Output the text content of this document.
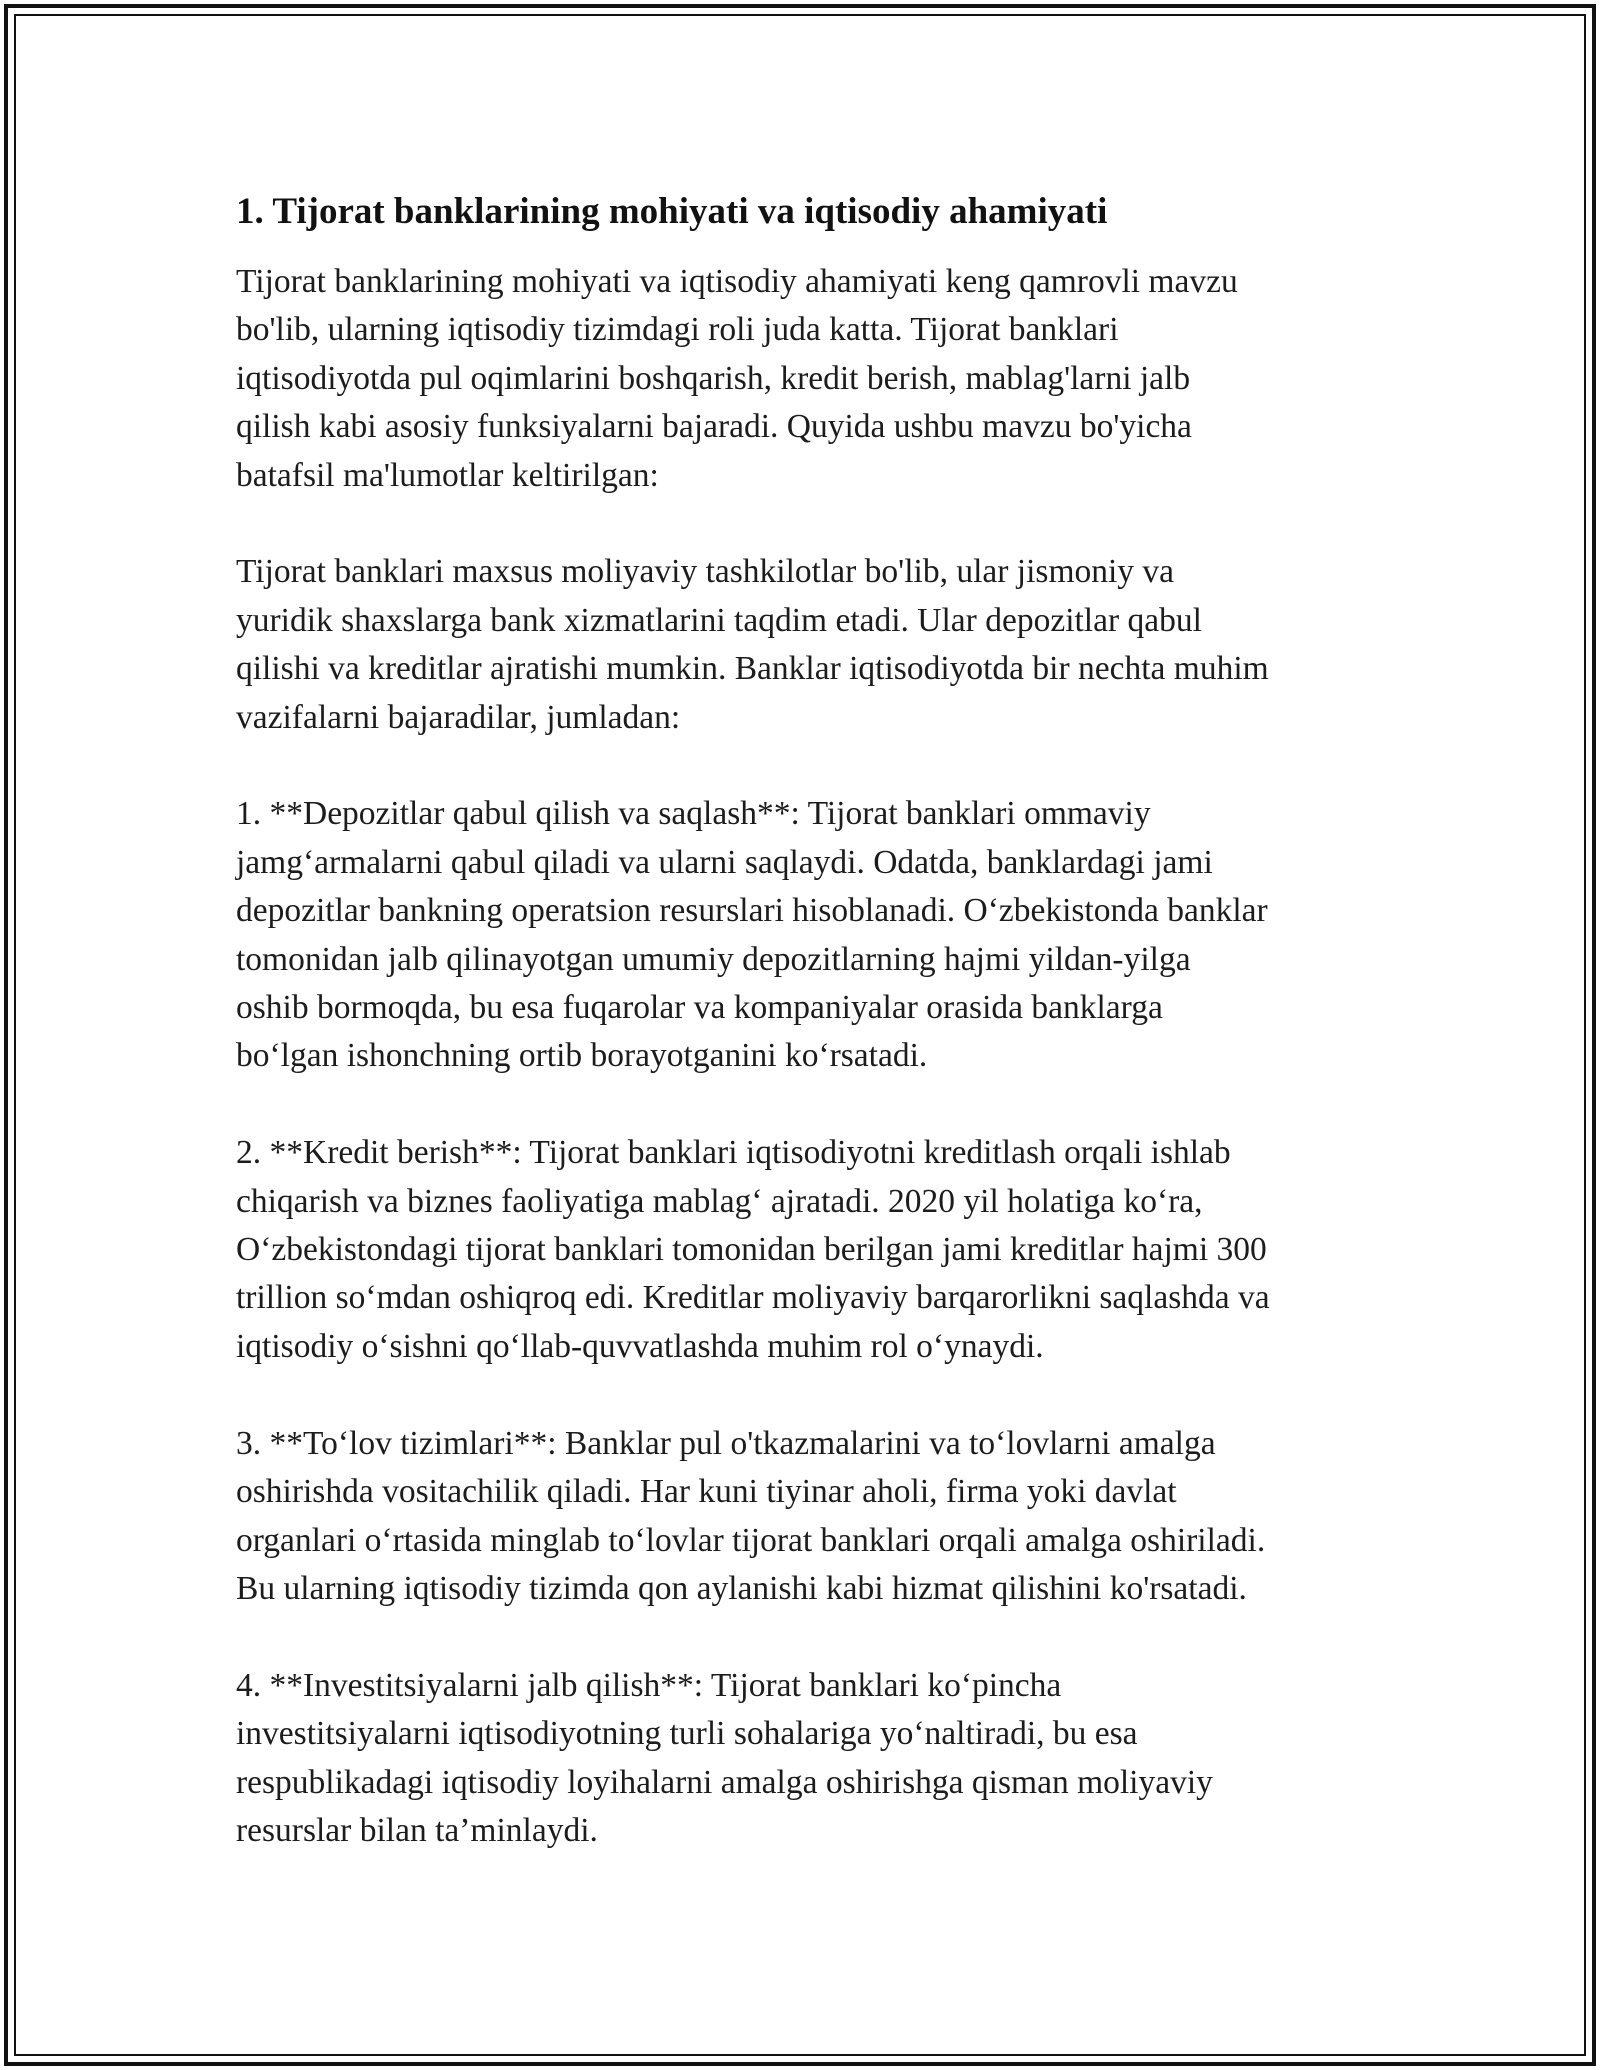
1. Tijorat banklarining mohiyati va iqtisodiy ahamiyati
Tijorat banklarining mohiyati va iqtisodiy ahamiyati keng qamrovli mavzu
bo'lib, ularning iqtisodiy tizimdagi roli juda katta. Tijorat banklari
iqtisodiyotda pul oqimlarini boshqarish, kredit berish, mablag'larni jalb
qilish kabi asosiy funksiyalarni bajaradi. Quyida ushbu mavzu bo'yicha
batafsil ma'lumotlar keltirilgan:
Tijorat banklari maxsus moliyaviy tashkilotlar bo'lib, ular jismoniy va
yuridik shaxslarga bank xizmatlarini taqdim etadi. Ular depozitlar qabul
qilishi va kreditlar ajratishi mumkin. Banklar iqtisodiyotda bir nechta muhim
vazifalarni bajaradilar, jumladan:
1. **Depozitlar qabul qilish va saqlash**: Tijorat banklari ommaviy
jamg‘armalarni qabul qiladi va ularni saqlaydi. Odatda, banklardagi jami
depozitlar bankning operatsion resurslari hisoblanadi. O‘zbekistonda banklar
tomonidan jalb qilinayotgan umumiy depozitlarning hajmi yildan-yilga
oshib bormoqda, bu esa fuqarolar va kompaniyalar orasida banklarga
bo‘lgan ishonchning ortib borayotganini ko‘rsatadi.
2. **Kredit berish**: Tijorat banklari iqtisodiyotni kreditlash orqali ishlab
chiqarish va biznes faoliyatiga mablag‘ ajratadi. 2020 yil holatiga ko‘ra,
O‘zbekistondagi tijorat banklari tomonidan berilgan jami kreditlar hajmi 300
trillion so‘mdan oshiqroq edi. Kreditlar moliyaviy barqarorlikni saqlashda va
iqtisodiy o‘sishni qo‘llab-quvvatlashda muhim rol o‘ynaydi.
3. **To‘lov tizimlari**: Banklar pul o'tkazmalarini va to‘lovlarni amalga
oshirishda vositachilik qiladi. Har kuni tiyinar aholi, firma yoki davlat
organlari o‘rtasida minglab to‘lovlar tijorat banklari orqali amalga oshiriladi.
Bu ularning iqtisodiy tizimda qon aylanishi kabi hizmat qilishini ko'rsatadi.
4. **Investitsiyalarni jalb qilish**: Tijorat banklari ko‘pincha
investitsiyalarni iqtisodiyotning turli sohalariga yo‘naltiradi, bu esa
respublikadagi iqtisodiy loyihalarni amalga oshirishga qisman moliyaviy
resurslar bilan ta’minlaydi.
